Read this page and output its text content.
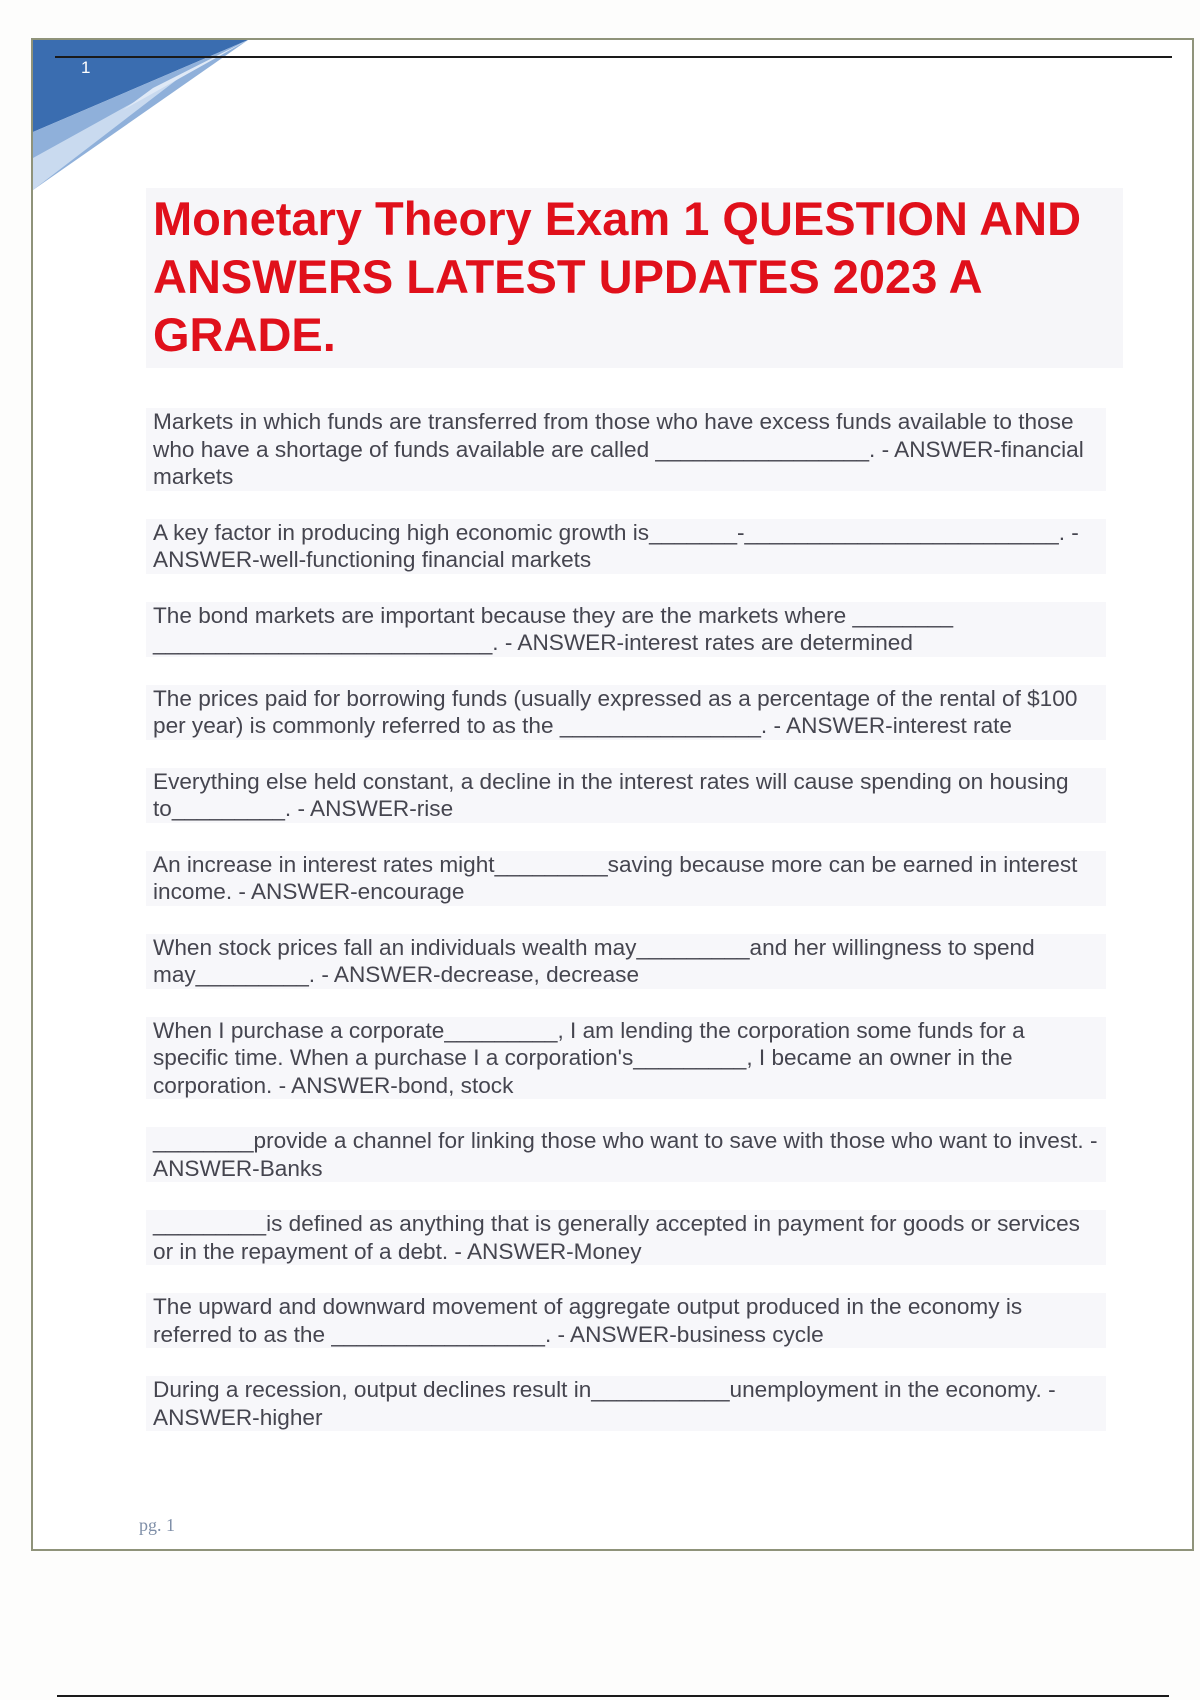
1
Monetary Theory Exam 1 QUESTION AND ANSWERS LATEST UPDATES 2023 A GRADE.

Markets in which funds are transferred from those who have excess funds available to those who have a shortage of funds available are called _________________. - ANSWER-financial markets

A key factor in producing high economic growth is_______-_________________________. - ANSWER-well-functioning financial markets

The bond markets are important because they are the markets where ________ ___________________________. - ANSWER-interest rates are determined

The prices paid for borrowing funds (usually expressed as a percentage of the rental of $100 per year) is commonly referred to as the ________________. - ANSWER-interest rate

Everything else held constant, a decline in the interest rates will cause spending on housing to_________. - ANSWER-rise

An increase in interest rates might_________saving because more can be earned in interest income. - ANSWER-encourage

When stock prices fall an individuals wealth may_________and her willingness to spend may_________. - ANSWER-decrease, decrease

When I purchase a corporate_________, I am lending the corporation some funds for a specific time. When a purchase I a corporation's_________, I became an owner in the corporation. - ANSWER-bond, stock

________provide a channel for linking those who want to save with those who want to invest. - ANSWER-Banks

_________is defined as anything that is generally accepted in payment for goods or services or in the repayment of a debt. - ANSWER-Money

The upward and downward movement of aggregate output produced in the economy is referred to as the _________________. - ANSWER-business cycle

During a recession, output declines result in___________unemployment in the economy. - ANSWER-higher

pg. 1
